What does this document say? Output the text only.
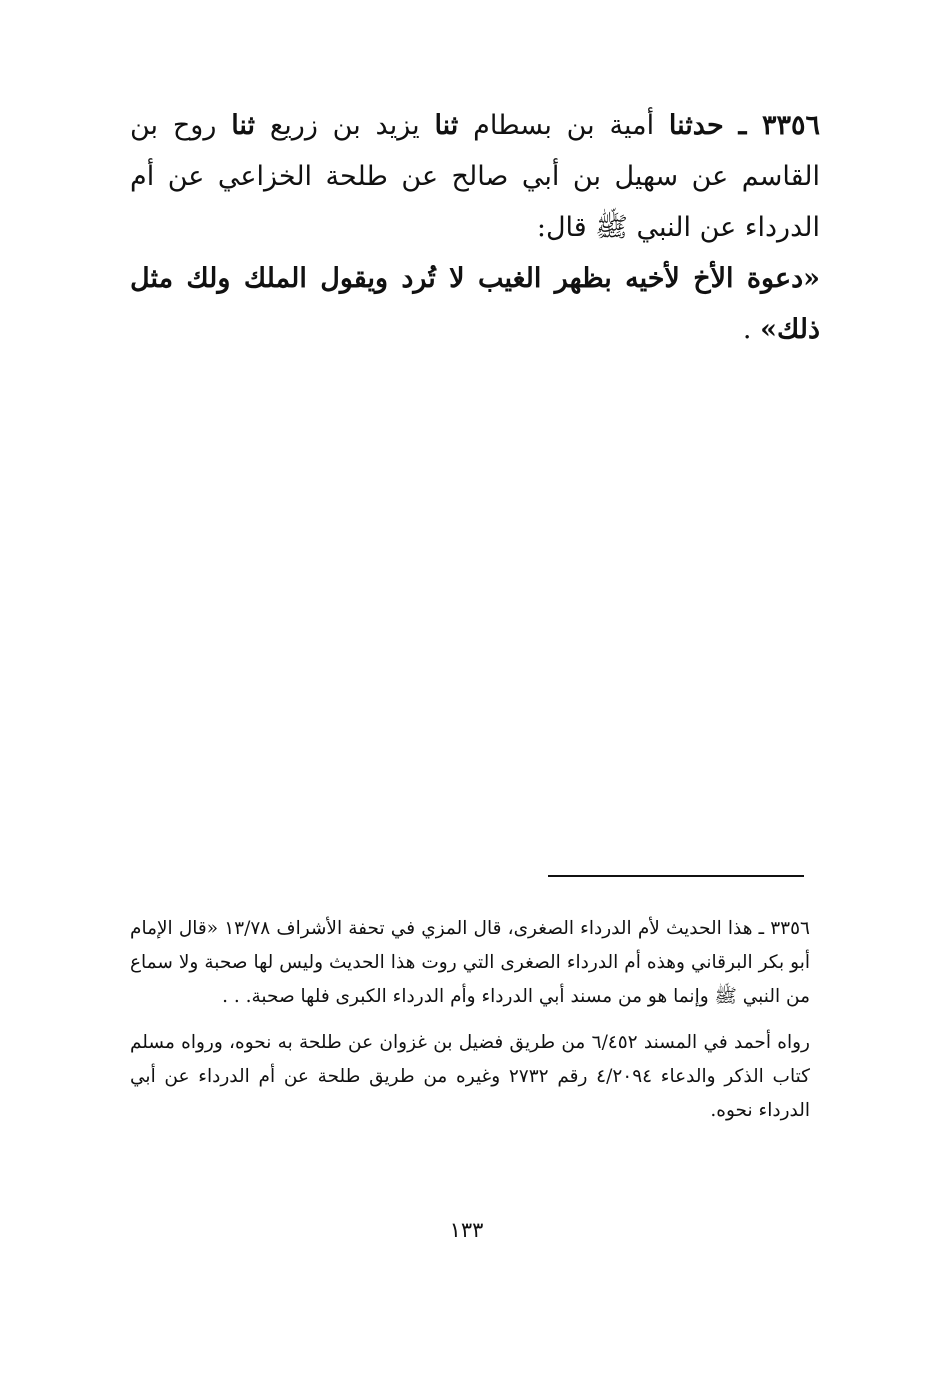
٣٣٥٦ ـ حدثنا أمية بن بسطام ثنا يزيد بن زريع ثنا روح بن القاسم عن سهيل بن أبي صالح عن طلحة الخزاعي عن أم الدرداء عن النبي ﷺ قال:

«دعوة الأخ لأخيه بظهر الغيب لا تُرد ويقول الملك ولك مثل ذلك» .

٣٣٥٦ ـ هذا الحديث لأم الدرداء الصغرى، قال المزي في تحفة الأشراف ١٣/٧٨ «قال الإمام أبو بكر البرقاني وهذه أم الدرداء الصغرى التي روت هذا الحديث وليس لها صحبة ولا سماع من النبي ﷺ وإنما هو من مسند أبي الدرداء وأم الدرداء الكبرى فلها صحبة. . .

رواه أحمد في المسند ٦/٤٥٢ من طريق فضيل بن غزوان عن طلحة به نحوه، ورواه مسلم كتاب الذكر والدعاء ٤/٢٠٩٤ رقم ٢٧٣٢ وغيره من طريق طلحة عن أم الدرداء عن أبي الدرداء نحوه.

١٣٣
